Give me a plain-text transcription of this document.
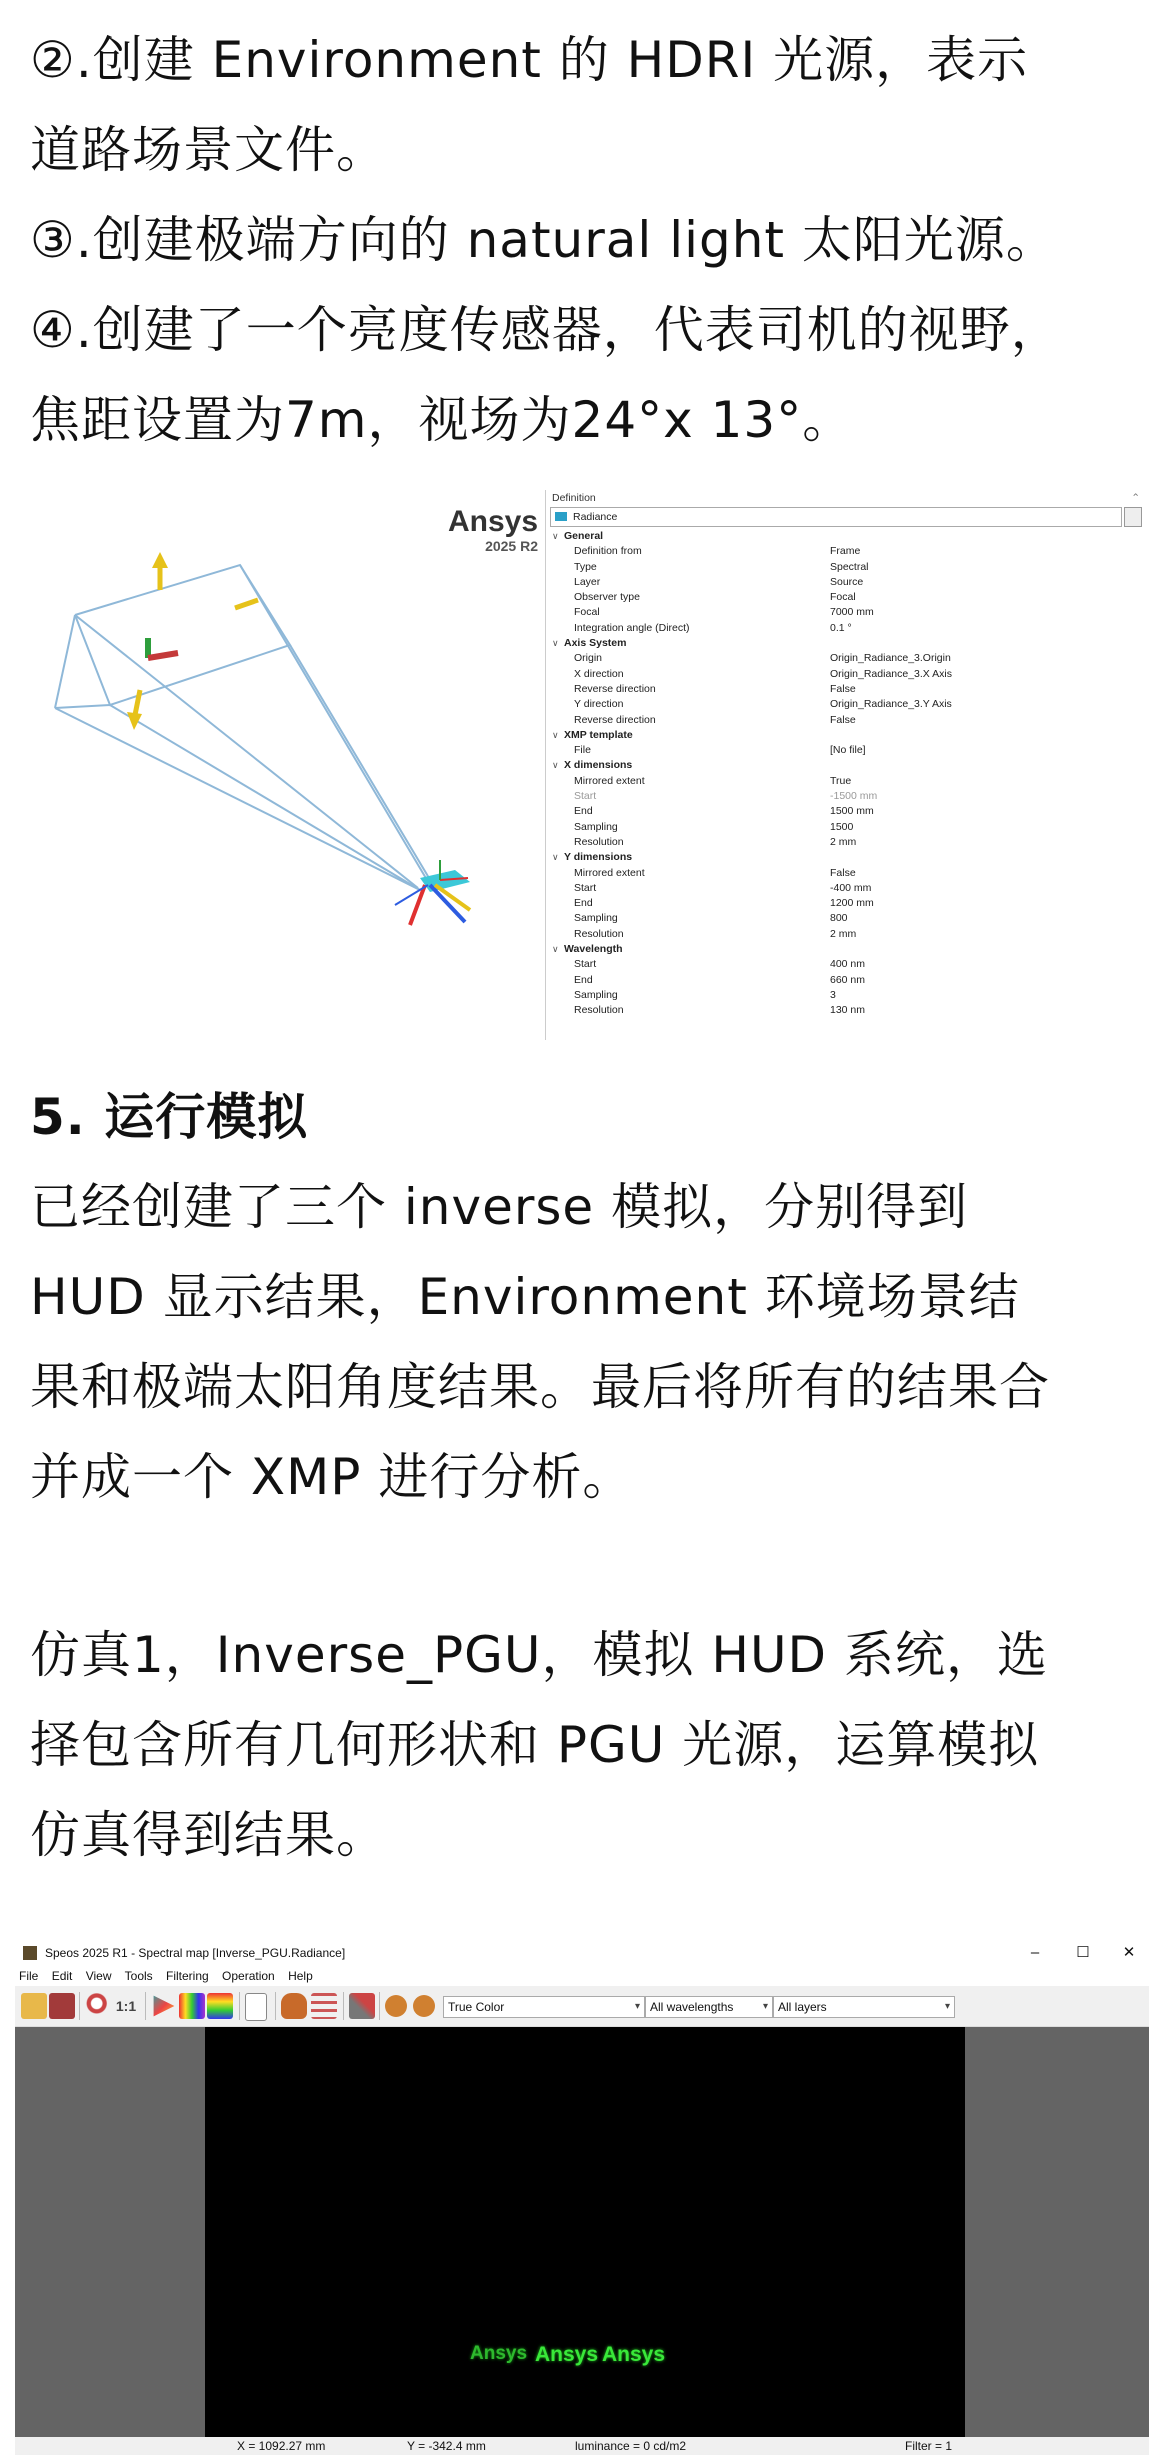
②.创建 Environment 的 HDRI 光源，表示

道路场景文件。

③.创建极端方向的 natural light 太阳光源。

④.创建了一个亮度传感器，代表司机的视野，

焦距设置为7m，视场为24°x 13°。

Ansys
2025 R2
Definition	⌃
Radiance
∨ General
Definition from	Frame
Type	Spectral
Layer	Source
Observer type	Focal
Focal	7000 mm
Integration angle (Direct)	0.1 °
∨ Axis System
Origin	Origin_Radiance_3.Origin
X direction	Origin_Radiance_3.X Axis
Reverse direction	False
Y direction	Origin_Radiance_3.Y Axis
Reverse direction	False
∨ XMP template
File	[No file]
∨ X dimensions
Mirrored extent	True
Start	-1500 mm
End	1500 mm
Sampling	1500
Resolution	2 mm
∨ Y dimensions
Mirrored extent	False
Start	-400 mm
End	1200 mm
Sampling	800
Resolution	2 mm
∨ Wavelength
Start	400 nm
End	660 nm
Sampling	3
Resolution	130 nm

5. 运行模拟

已经创建了三个 inverse 模拟，分别得到

HUD 显示结果，Environment 环境场景结

果和极端太阳角度结果。最后将所有的结果合

并成一个 XMP 进行分析。

仿真1，Inverse_PGU，模拟 HUD 系统，选

择包含所有几何形状和 PGU 光源，运算模拟

仿真得到结果。

Speos 2025 R1 - Spectral map [Inverse_PGU.Radiance]	–	☐	✕
File Edit View Tools Filtering Operation Help
1:1	True Color	▾ All wavelengths	▾ All layers	▾
Ansys Ansys Ansys
X = 1092.27 mm	Y = -342.4 mm	luminance = 0 cd/m2	Filter = 1
